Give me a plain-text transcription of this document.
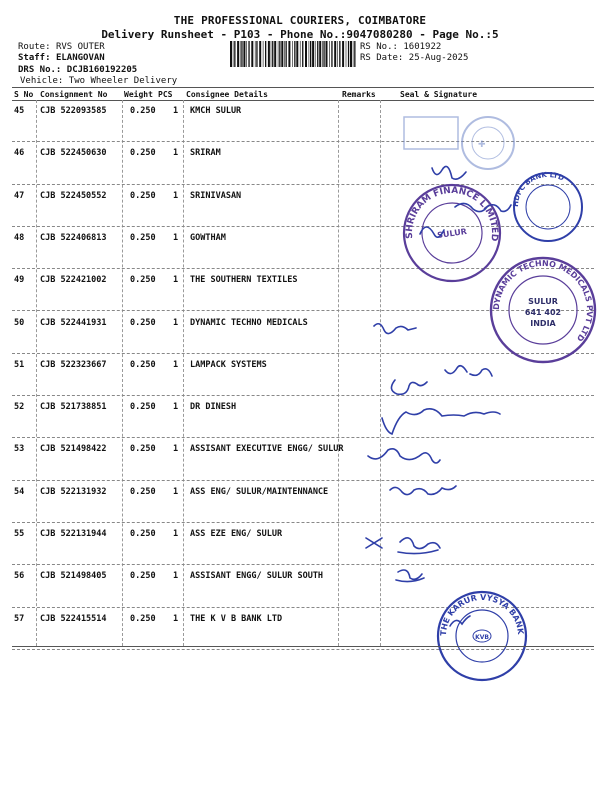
THE PROFESSIONAL COURIERS, COIMBATORE
Delivery Runsheet - P103 - Phone No.:9047080280 - Page No.:5
Route: RVS OUTER
Staff: ELANGOVAN
DRS No.: DCJB160192205
Vehicle: Two Wheeler Delivery
RS No.: 1601922
RS Date: 25-Aug-2025
S No Consignment No Weight PCS Consignee Details	Remarks	Seal & Signature
45 CJB 522093585	0.250 1 KMCH SULUR
46 CJB 522450630	0.250 1 SRIRAM
47 CJB 522450552	0.250 1 SRINIVASAN
48 CJB 522406813	0.250 1 GOWTHAM
49 CJB 522421002	0.250 1 THE SOUTHERN TEXTILES
50 CJB 522441931	0.250 1 DYNAMIC TECHNO MEDICALS
51 CJB 522323667	0.250 1 LAMPACK SYSTEMS
52 CJB 521738851	0.250 1 DR DINESH
53 CJB 521498422	0.250 1 ASSISANT EXECUTIVE ENGG/ SULUR
54 CJB 522131932	0.250 1 ASS ENG/ SULUR/MAINTENNANCE
55 CJB 522131944	0.250 1 ASS EZE ENG/ SULUR
56 CJB 521498405	0.250 1 ASSISANT ENGG/ SULUR SOUTH
57 CJB 522415514	0.250 1 THE K V B BANK LTD
✚
HDFC BANK LTD
SHRIRAM FINANCE LIMITED
SULUR
DYNAMIC TECHNO MEDICALS PVT LTD
SULUR
641 402
INDIA
THE KARUR VYSYA BANK
KVB
